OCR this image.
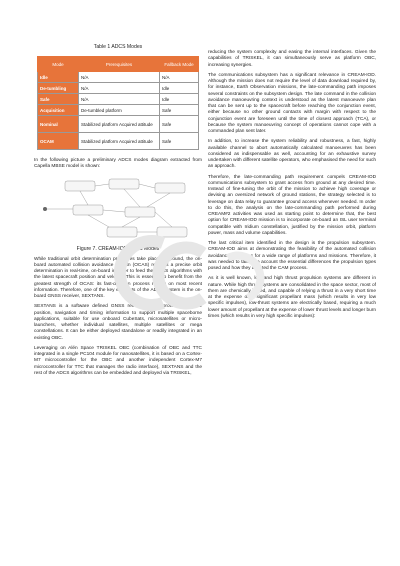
Table 1 ADCS Modes

Mode	Prerequisites	Fallback Mode
Idle	N/A	N/A
De-tumbling	N/A	Idle
Safe	N/A	Idle
Acquisition	De-tumbled platform	Safe
Nominal	Stabilized platform Acquired attitude	Safe
OCAM	Stabilized platform Acquired attitude	Safe

In the following picture a preliminary ADCS modes diagram extracted from Capella MBSE model is shown:

Figure 7. CREAM-IOD ADCS Modes

While traditional orbit determination processes take place on-ground, the on-board automated collision avoidance system (OCAS) requires a precise orbit determination in real-time, on-board in order to feed the OCAS algorithms with the latest spacecraft position and velocity. This is essential to benefit from the greatest strength of OCAS: its fast-decision process relying on most recent information. Therefore, one of the key elements of the ADCS system is the on-board GNSS receiver, SEXTANS.

SEXTANS is a software defined GNSS receiver which provides accurate position, navigation and timing information to support multiple spaceborne applications, suitable for use onboard CubeSats, microsatellites or micro-launchers, whether individual satellites, multiple satellites or mega constellations. It can be either deployed standalone or readily integrated in an existing OBC.

Leveraging on Alén Space TRISKEL OBC (combination of OBC and TTC integrated in a single PC104 module for nanosatellites, it is based on a Cortex-M7 microcontroller for the OBC and another independent Cortex-M7 microcontroller for TTC that manages the radio interface), SEXTANS and the rest of the ADCS algorithms can be embedded and deployed via TRISKEL,

reducing the system complexity and easing the internal interfaces. Given the capabilities of TRISKEL, it can simultaneously serve as platform OBC, increasing synergies.

The communications subsystem has a significant relevance in CREAM-IOD. Although the mission does not require the level of data download required by, for instance, Earth Observation missions, the late-commanding path imposes several constraints on the subsystem design. The late command in the collision avoidance manoeuvring context is understood as the latest manoeuvre plan that can be sent up to the spacecraft before reaching the conjunction event, either because no other ground contacts with margin with respect to the conjunction event are foreseen until the time of closest approach (TCA), or because the system manoeuvring concept of operations cannot cope with a commanded plan sent later.

In addition, to increase the system reliability and robustness, a fast, highly available channel to abort automatically calculated manoeuvres has been considered as indispensable as well, accounting for an exhaustive survey undertaken with different satellite operators, who emphasised the need for such an approach.

Therefore, the late-commanding path requirement compels CREAM-IOD communications subsystem to grant access from ground at any desired time. Instead of fine-tuning the orbit of the mission to achieve high coverage or devising an oversized network of ground stations, the strategy selected is to leverage on data relay to guarantee ground access whenever needed. In order to do this, the analysis on the late-commanding path performed during CREAM#2 activities was used as starting point to determine that, the best option for CREAM-IOD mission is to incorporate on-board an ISL user terminal compatible with Iridium constellation, justified by the mission orbit, platform power, mass and volume capabilities.

The last critical item identified in the design is the propulsion subsystem. CREAM-IOD aims at demonstrating the feasibility of the automated collision avoidance processes for a wide range of platforms and missions. Therefore, it was needed to take into account the essential differences the propulsion types posed and how they affected the CAM process.

As it is well known, low and high thrust propulsion systems are different in nature. While high thrust systems are consolidated in the space sector, most of them are chemically based, and capable of relying a thrust in a very short time at the expense of a significant propellant mass (which results in very low specific impulses), low-thrust systems are electrically based, requiring a much lower amount of propellant at the expense of lower thrust levels and longer burn times (which results in very high specific impulses):
